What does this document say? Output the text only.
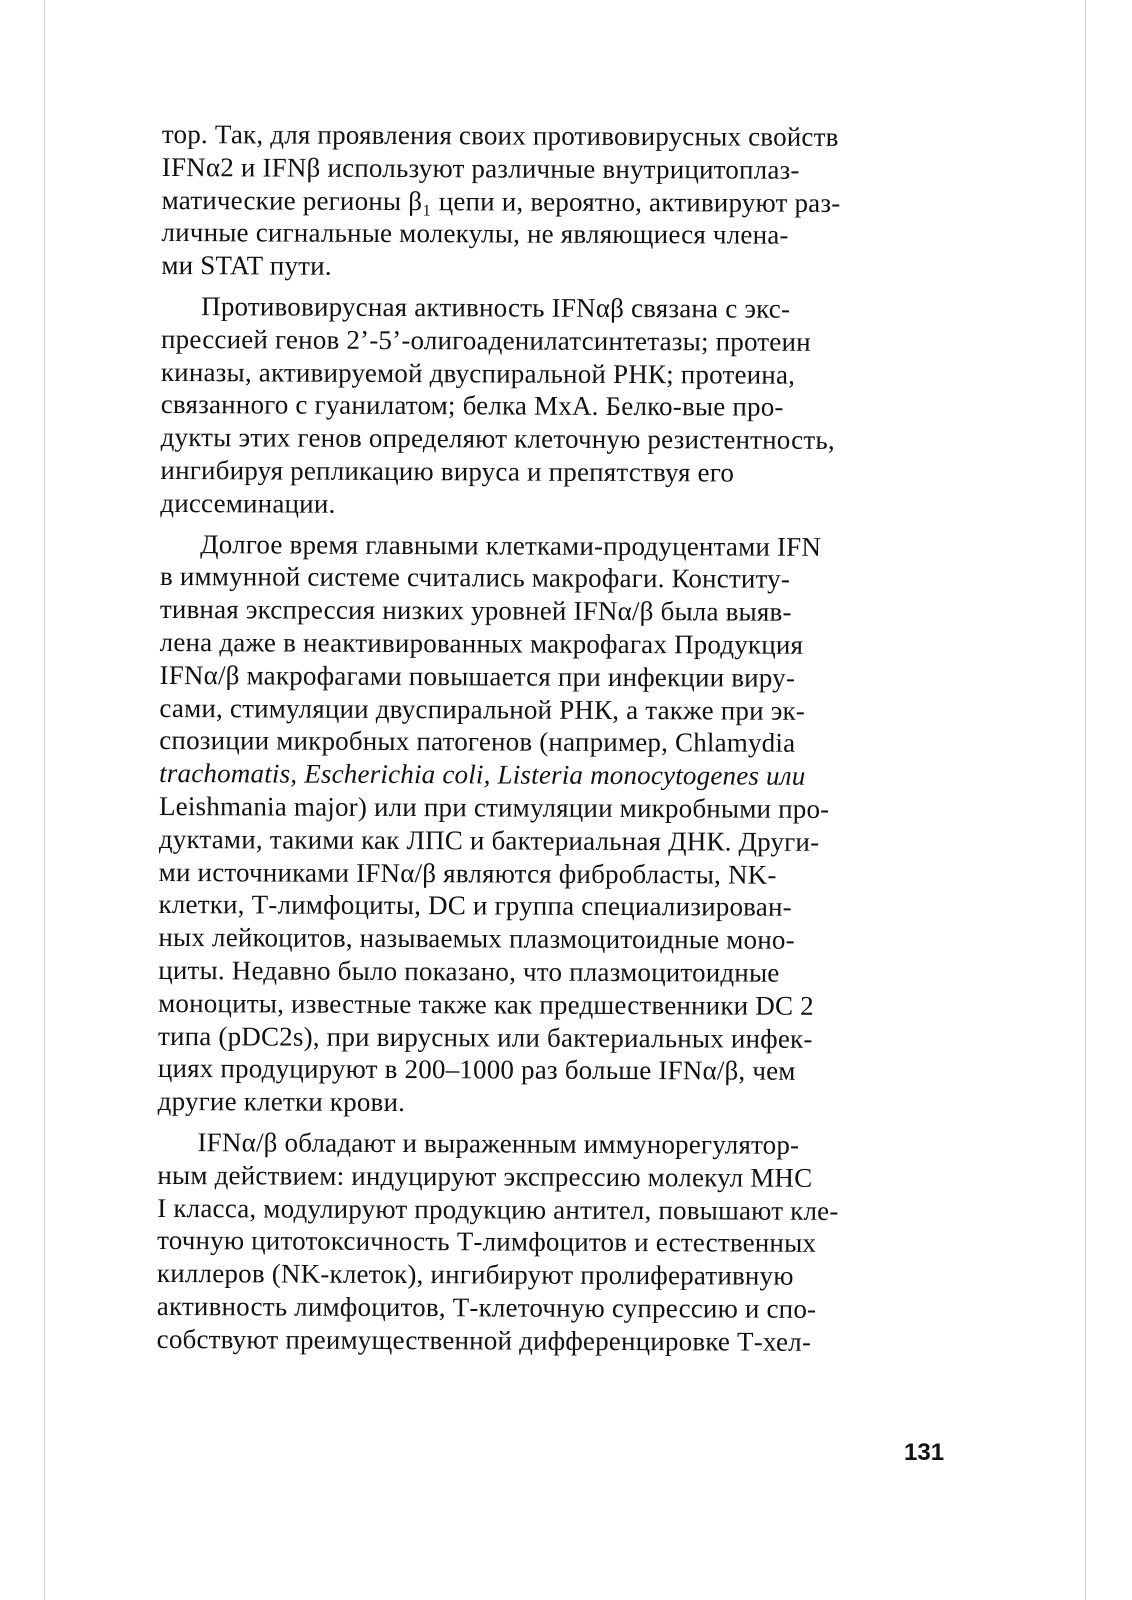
тор. Так, для проявления своих противовирусных свойств
IFNα2 и IFNβ используют различные внутрицитоплаз-
матические регионы β₁ цепи и, вероятно, активируют раз-
личные сигнальные молекулы, не являющиеся члена-
ми STAT пути.

Противовирусная активность IFNαβ связана с экс-
прессией генов 2’-5’-олигоаденилатсинтетазы; протеин
киназы, активируемой двуспиральной РНК; протеина,
связанного с гуанилатом; белка MxA. Белко-вые про-
дукты этих генов определяют клеточную резистентность,
ингибируя репликацию вируса и препятствуя его
диссеминации.

Долгое время главными клетками-продуцентами IFN
в иммунной системе считались макрофаги. Конститу-
тивная экспрессия низких уровней IFNα/β была выяв-
лена даже в неактивированных макрофагах Продукция
IFNα/β макрофагами повышается при инфекции виру-
сами, стимуляции двуспиральной РНК, а также при эк-
спозиции микробных патогенов (например, Chlamydia
trachomatis, Escherichia coli, Listeria monocytogenes или
Leishmania major) или при стимуляции микробными про-
дуктами, такими как ЛПС и бактериальная ДНК. Други-
ми источниками IFNα/β являются фибробласты, NK-
клетки, Т-лимфоциты, DC и группа специализирован-
ных лейкоцитов, называемых плазмоцитоидные моно-
циты. Недавно было показано, что плазмоцитоидные
моноциты, известные также как предшественники DC 2
типа (pDC2s), при вирусных или бактериальных инфек-
циях продуцируют в 200–1000 раз больше IFNα/β, чем
другие клетки крови.

IFNα/β обладают и выраженным иммунорегулятор-
ным действием: индуцируют экспрессию молекул МНС
I класса, модулируют продукцию антител, повышают кле-
точную цитотоксичность Т-лимфоцитов и естественных
киллеров (NK-клеток), ингибируют пролиферативную
активность лимфоцитов, Т-клеточную супрессию и спо-
собствуют преимущественной дифференцировке Т-хел-

131
